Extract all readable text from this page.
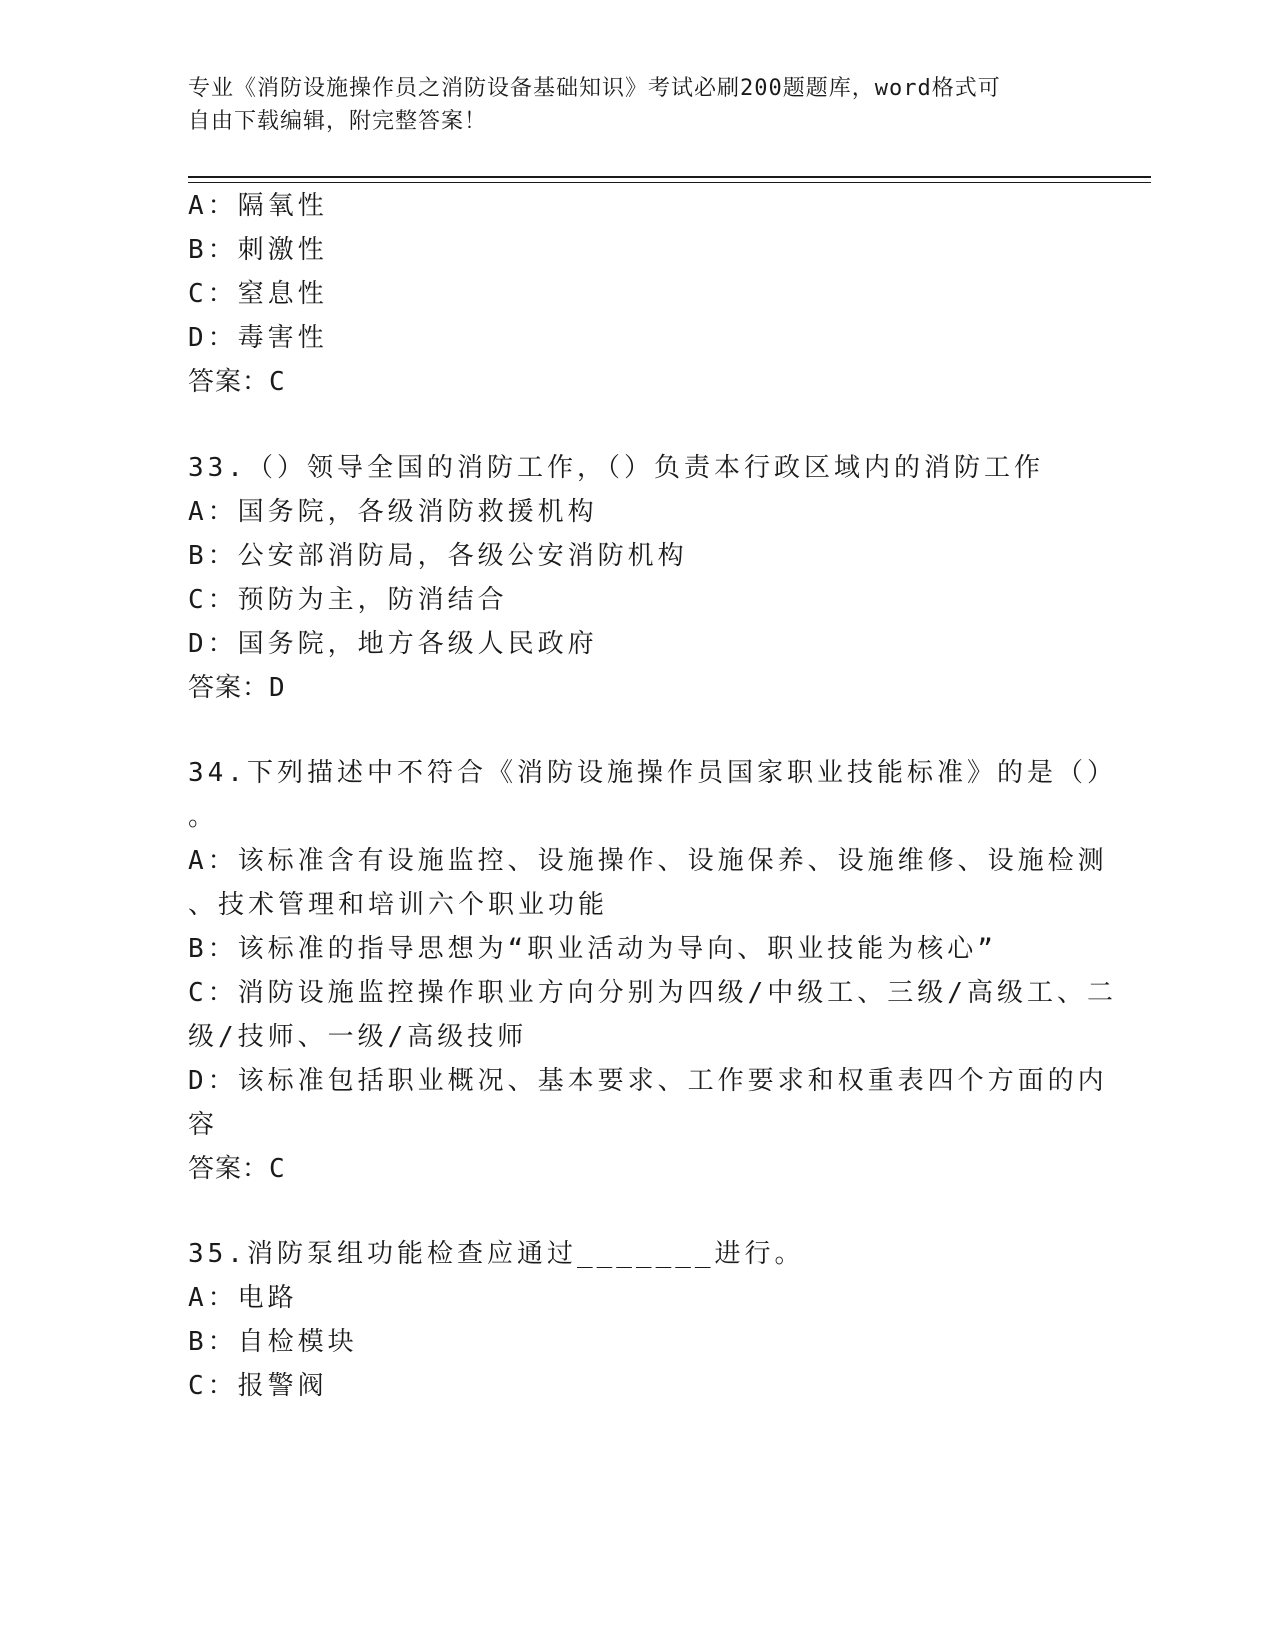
专业《消防设施操作员之消防设备基础知识》考试必刷200题题库，word格式可
自由下载编辑，附完整答案！
A：隔氧性
B：刺激性
C：窒息性
D：毒害性
答案：C
33.（）领导全国的消防工作，（）负责本行政区域内的消防工作
A：国务院，各级消防救援机构
B：公安部消防局，各级公安消防机构
C：预防为主，防消结合
D：国务院，地方各级人民政府
答案：D
34.下列描述中不符合《消防设施操作员国家职业技能标准》的是（）
。
A：该标准含有设施监控、设施操作、设施保养、设施维修、设施检测
、技术管理和培训六个职业功能
B：该标准的指导思想为“职业活动为导向、职业技能为核心”
C：消防设施监控操作职业方向分别为四级/中级工、三级/高级工、二
级/技师、一级/高级技师
D：该标准包括职业概况、基本要求、工作要求和权重表四个方面的内
容
答案：C
35.消防泵组功能检查应通过_______进行。
A：电路
B：自检模块
C：报警阀
